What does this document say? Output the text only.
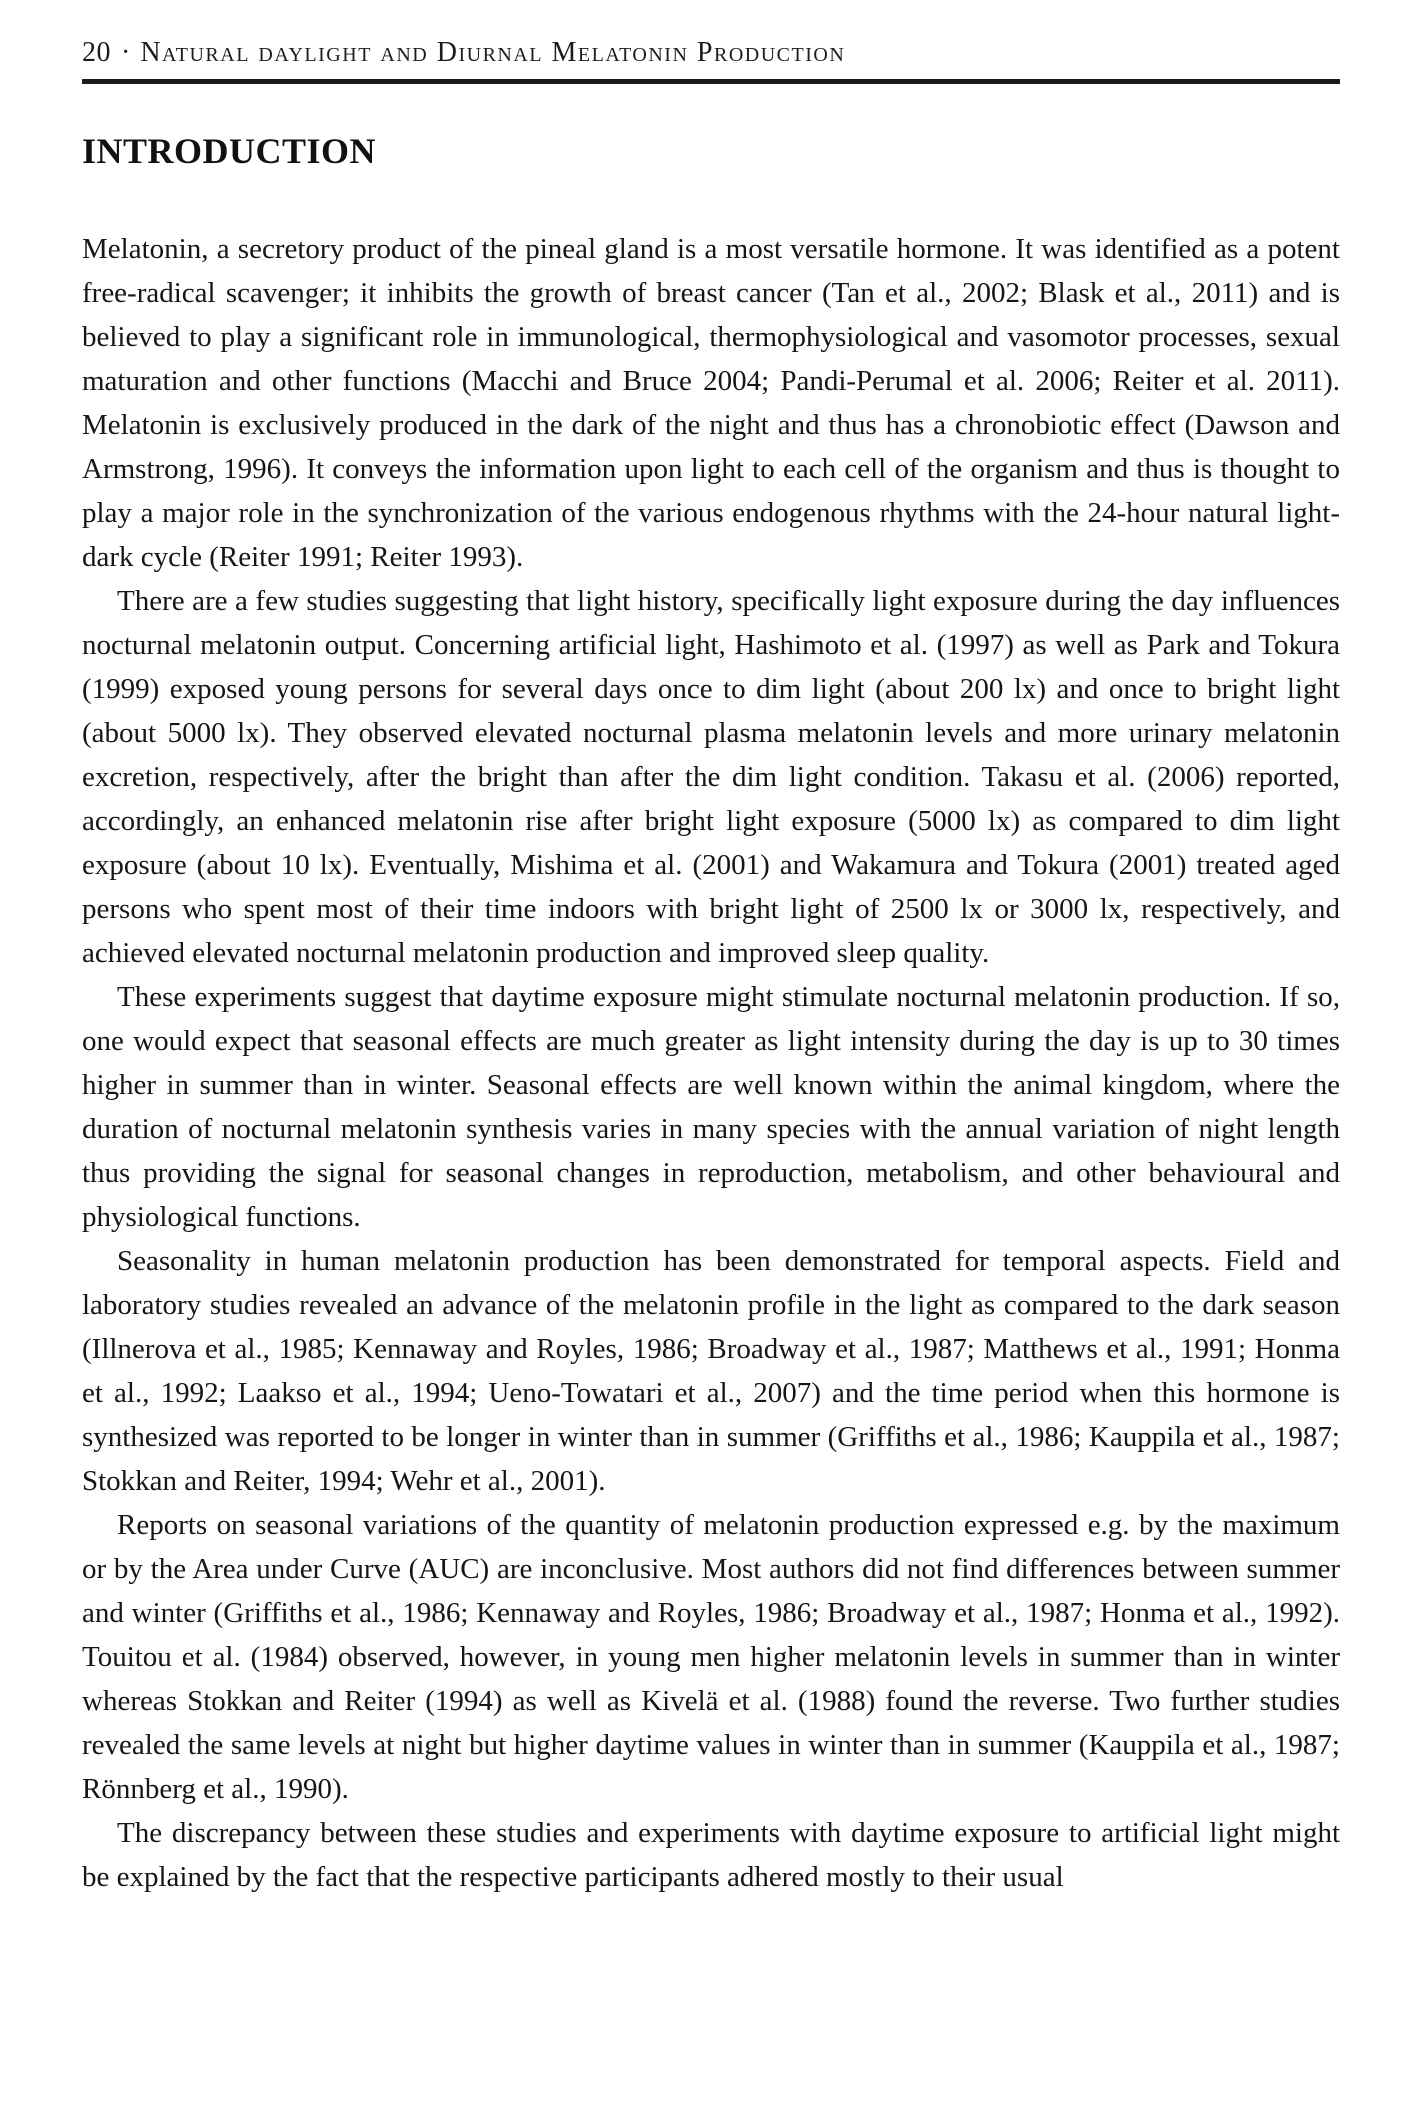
20 · Natural daylight and Diurnal Melatonin Production
INTRODUCTION

Melatonin, a secretory product of the pineal gland is a most versatile hormone. It was identified as a potent free-radical scavenger; it inhibits the growth of breast cancer (Tan et al., 2002; Blask et al., 2011) and is believed to play a significant role in immunological, thermophysiological and vasomotor processes, sexual maturation and other functions (Macchi and Bruce 2004; Pandi-Perumal et al. 2006; Reiter et al. 2011). Melatonin is exclusively produced in the dark of the night and thus has a chronobiotic effect (Dawson and Armstrong, 1996). It conveys the information upon light to each cell of the organism and thus is thought to play a major role in the synchronization of the various endogenous rhythms with the 24-hour natural light-dark cycle (Reiter 1991; Reiter 1993).

There are a few studies suggesting that light history, specifically light exposure during the day influences nocturnal melatonin output. Concerning artificial light, Hashimoto et al. (1997) as well as Park and Tokura (1999) exposed young persons for several days once to dim light (about 200 lx) and once to bright light (about 5000 lx). They observed elevated nocturnal plasma melatonin levels and more urinary melatonin excretion, respectively, after the bright than after the dim light condition. Takasu et al. (2006) reported, accordingly, an enhanced melatonin rise after bright light exposure (5000 lx) as compared to dim light exposure (about 10 lx). Eventually, Mishima et al. (2001) and Wakamura and Tokura (2001) treated aged persons who spent most of their time indoors with bright light of 2500 lx or 3000 lx, respectively, and achieved elevated nocturnal melatonin production and improved sleep quality.

These experiments suggest that daytime exposure might stimulate nocturnal melatonin production. If so, one would expect that seasonal effects are much greater as light intensity during the day is up to 30 times higher in summer than in winter. Seasonal effects are well known within the animal kingdom, where the duration of nocturnal melatonin synthesis varies in many species with the annual variation of night length thus providing the signal for seasonal changes in reproduction, metabolism, and other behavioural and physiological functions.

Seasonality in human melatonin production has been demonstrated for temporal aspects. Field and laboratory studies revealed an advance of the melatonin profile in the light as compared to the dark season (Illnerova et al., 1985; Kennaway and Royles, 1986; Broadway et al., 1987; Matthews et al., 1991; Honma et al., 1992; Laakso et al., 1994; Ueno-Towatari et al., 2007) and the time period when this hormone is synthesized was reported to be longer in winter than in summer (Griffiths et al., 1986; Kauppila et al., 1987; Stokkan and Reiter, 1994; Wehr et al., 2001).

Reports on seasonal variations of the quantity of melatonin production expressed e.g. by the maximum or by the Area under Curve (AUC) are inconclusive. Most authors did not find differences between summer and winter (Griffiths et al., 1986; Kennaway and Royles, 1986; Broadway et al., 1987; Honma et al., 1992). Touitou et al. (1984) observed, however, in young men higher melatonin levels in summer than in winter whereas Stokkan and Reiter (1994) as well as Kivelä et al. (1988) found the reverse. Two further studies revealed the same levels at night but higher daytime values in winter than in summer (Kauppila et al., 1987; Rönnberg et al., 1990).

The discrepancy between these studies and experiments with daytime exposure to artificial light might be explained by the fact that the respective participants adhered mostly to their usual
